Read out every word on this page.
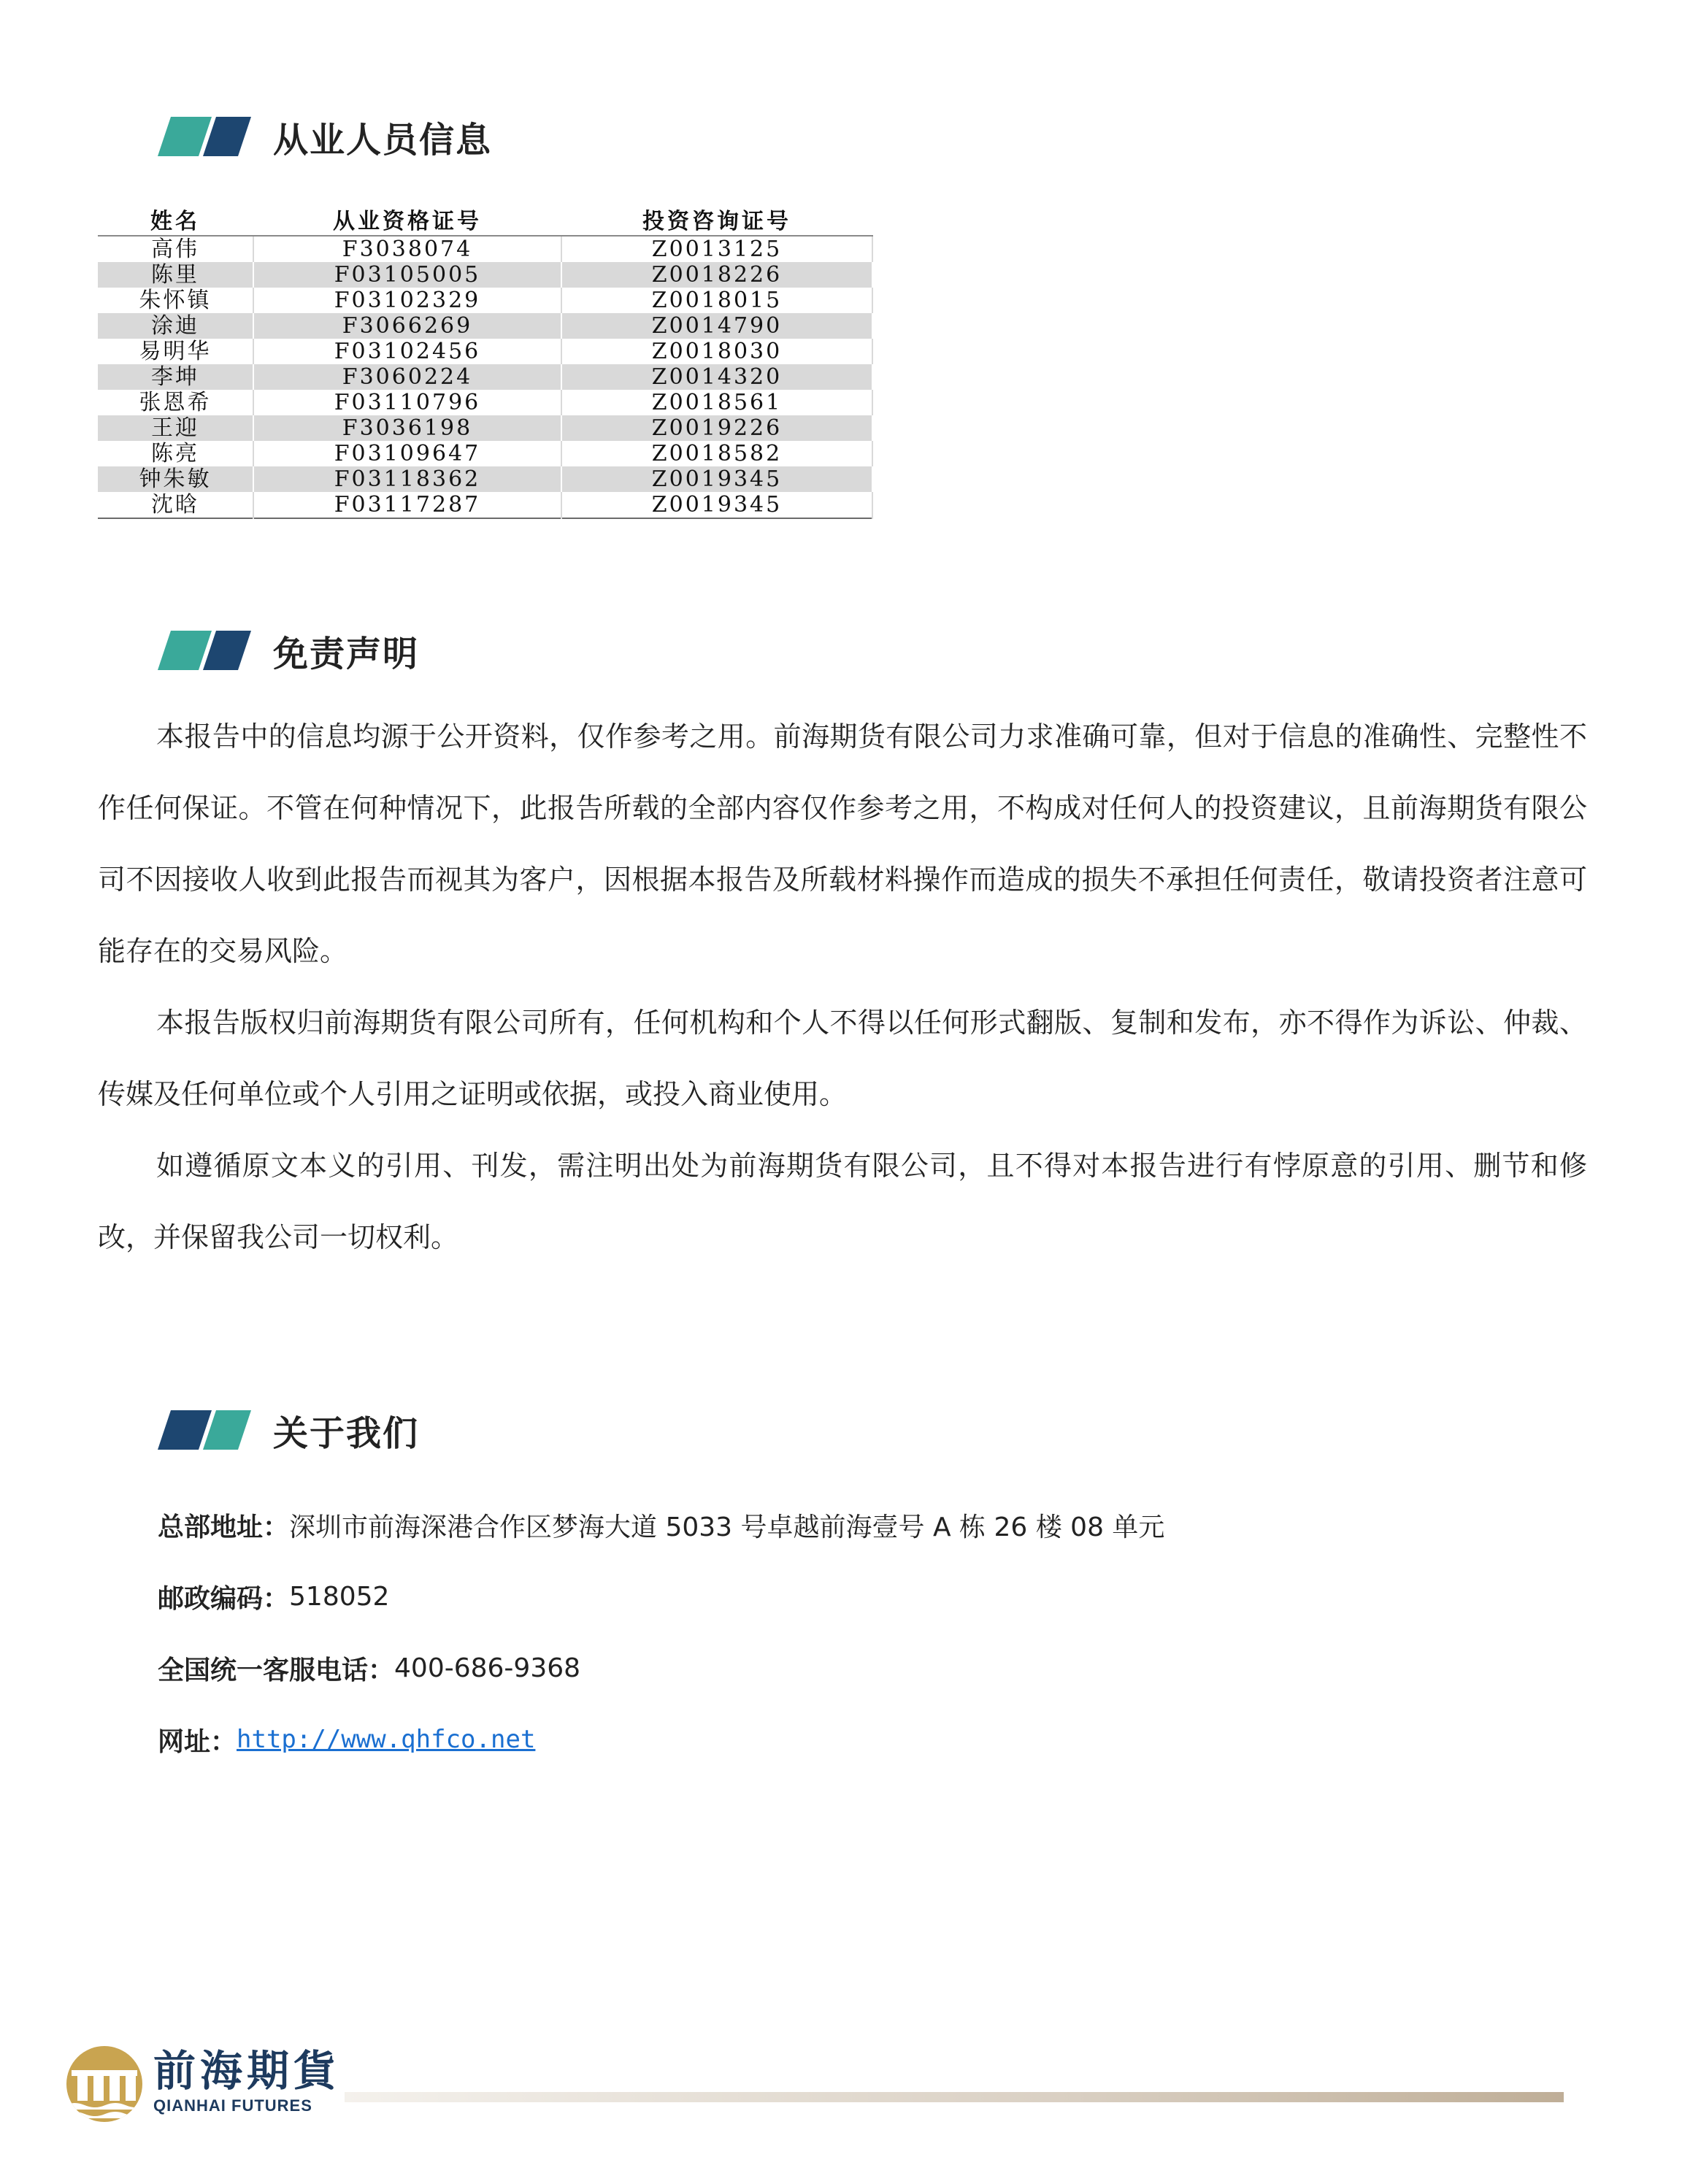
从业人员信息
姓名	从业资格证号	投资咨询证号
高伟	F3038074	Z0013125
陈里	F03105005	Z0018226
朱怀镇	F03102329	Z0018015
涂迪	F3066269	Z0014790
易明华	F03102456	Z0018030
李坤	F3060224	Z0014320
张恩希	F03110796	Z0018561
王迎	F3036198	Z0019226
陈亮	F03109647	Z0018582
钟朱敏	F03118362	Z0019345
沈晗	F03117287	Z0019345
免责声明

本报告中的信息均源于公开资料，仅作参考之用。前海期货有限公司力求准确可靠，但对于信息的准确性、完整性不作任何保证。不管在何种情况下，此报告所载的全部内容仅作参考之用，不构成对任何人的投资建议，且前海期货有限公司不因接收人收到此报告而视其为客户，因根据本报告及所载材料操作而造成的损失不承担任何责任，敬请投资者注意可能存在的交易风险。

本报告版权归前海期货有限公司所有，任何机构和个人不得以任何形式翻版、复制和发布，亦不得作为诉讼、仲裁、传媒及任何单位或个人引用之证明或依据，或投入商业使用。

如遵循原文本义的引用、刊发，需注明出处为前海期货有限公司，且不得对本报告进行有悖原意的引用、删节和修改，并保留我公司一切权利。

关于我们
总部地址： 深圳市前海深港合作区梦海大道 5033 号卓越前海壹号 A 栋 26 楼 08 单元
邮政编码： 518052
全国统一客服电话： 400-686-9368
网址： http://www.qhfco.net
前海期貨
QIANHAI FUTURES
